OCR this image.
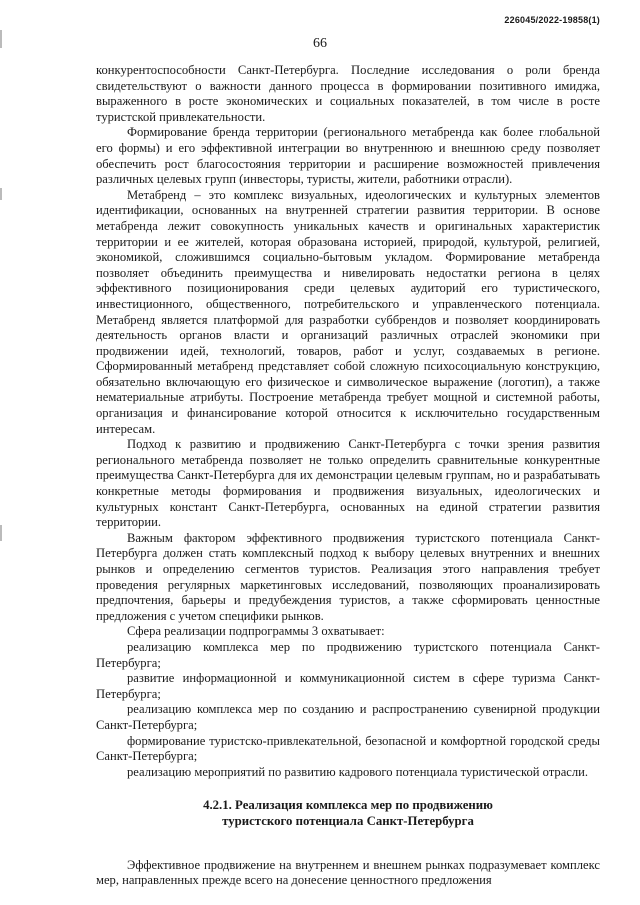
226045/2022-19858(1)
66

конкурентоспособности Санкт-Петербурга. Последние исследования о роли бренда свидетельствуют о важности данного процесса в формировании позитивного имиджа, выраженного в росте экономических и социальных показателей, в том числе в росте туристской привлекательности.

Формирование бренда территории (регионального метабренда как более глобальной его формы) и его эффективной интеграции во внутреннюю и внешнюю среду позволяет обеспечить рост благосостояния территории и расширение возможностей привлечения различных целевых групп (инвесторы, туристы, жители, работники отрасли).

Метабренд – это комплекс визуальных, идеологических и культурных элементов идентификации, основанных на внутренней стратегии развития территории. В основе метабренда лежит совокупность уникальных качеств и оригинальных характеристик территории и ее жителей, которая образована историей, природой, культурой, религией, экономикой, сложившимся социально-бытовым укладом. Формирование метабренда позволяет объединить преимущества и нивелировать недостатки региона в целях эффективного позиционирования среди целевых аудиторий его туристического, инвестиционного, общественного, потребительского и управленческого потенциала. Метабренд является платформой для разработки суббрендов и позволяет координировать деятельность органов власти и организаций различных отраслей экономики при продвижении идей, технологий, товаров, работ и услуг, создаваемых в регионе. Сформированный метабренд представляет собой сложную психосоциальную конструкцию, обязательно включающую его физическое и символическое выражение (логотип), а также нематериальные атрибуты. Построение метабренда требует мощной и системной работы, организация и финансирование которой относится к исключительно государственным интересам.

Подход к развитию и продвижению Санкт-Петербурга с точки зрения развития регионального метабренда позволяет не только определить сравнительные конкурентные преимущества Санкт-Петербурга для их демонстрации целевым группам, но и разрабатывать конкретные методы формирования и продвижения визуальных, идеологических и культурных констант Санкт-Петербурга, основанных на единой стратегии развития территории.

Важным фактором эффективного продвижения туристского потенциала Санкт-Петербурга должен стать комплексный подход к выбору целевых внутренних и внешних рынков и определению сегментов туристов. Реализация этого направления требует проведения регулярных маркетинговых исследований, позволяющих проанализировать предпочтения, барьеры и предубеждения туристов, а также сформировать ценностные предложения с учетом специфики рынков.

Сфера реализации подпрограммы 3 охватывает:

реализацию комплекса мер по продвижению туристского потенциала Санкт-Петербурга;

развитие информационной и коммуникационной систем в сфере туризма Санкт-Петербурга;

реализацию комплекса мер по созданию и распространению сувенирной продукции Санкт-Петербурга;

формирование туристско-привлекательной, безопасной и комфортной городской среды Санкт-Петербурга;

реализацию мероприятий по развитию кадрового потенциала туристической отрасли.

4.2.1. Реализация комплекса мер по продвижению
туристского потенциала Санкт-Петербурга

Эффективное продвижение на внутреннем и внешнем рынках подразумевает комплекс мер, направленных прежде всего на донесение ценностного предложения
